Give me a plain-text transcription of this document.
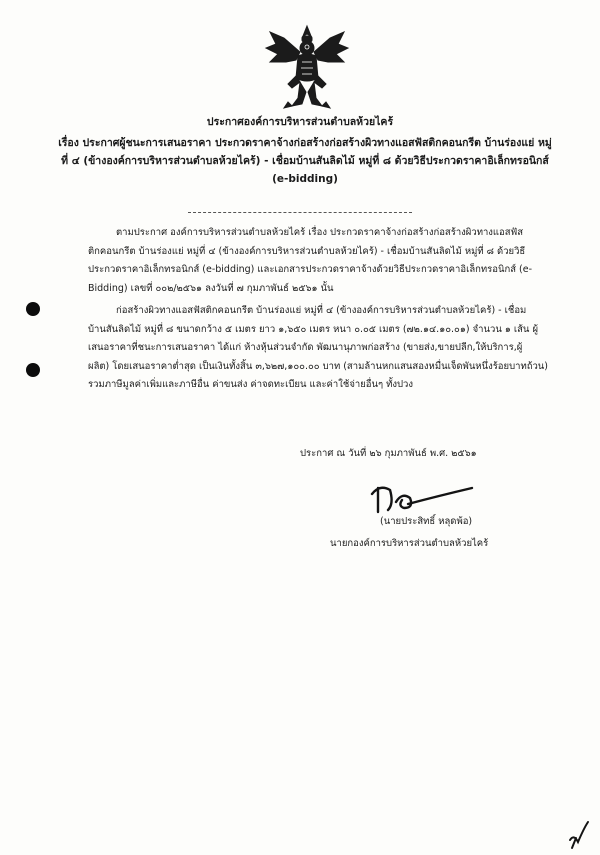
ประกาศองค์การบริหารส่วนตำบลห้วยไคร้
เรื่อง ประกาศผู้ชนะการเสนอราคา ประกวดราคาจ้างก่อสร้างก่อสร้างผิวทางแอสฟัสติกคอนกรีต บ้านร่องแย่ หมู่
ที่ ๔ (ข้างองค์การบริหารส่วนตำบลห้วยไคร้) - เชื่อมบ้านสันลิดไม้ หมู่ที่ ๘ ด้วยวิธีประกวดราคาอิเล็กทรอนิกส์
(e-bidding)
ตามประกาศ องค์การบริหารส่วนตำบลห้วยไคร้ เรื่อง ประกวดราคาจ้างก่อสร้างก่อสร้างผิวทางแอสฟัส
ติกคอนกรีต บ้านร่องแย่ หมู่ที่ ๔ (ข้างองค์การบริหารส่วนตำบลห้วยไคร้) - เชื่อมบ้านสันลิดไม้ หมู่ที่ ๘ ด้วยวิธี
ประกวดราคาอิเล็กทรอนิกส์ (e-bidding) และเอกสารประกวดราคาจ้างด้วยวิธีประกวดราคาอิเล็กทรอนิกส์ (e-
Bidding) เลขที่ ๐๐๒/๒๕๖๑ ลงวันที่ ๗ กุมภาพันธ์ ๒๕๖๑ นั้น
ก่อสร้างผิวทางแอสฟัสติกคอนกรีต บ้านร่องแย่ หมู่ที่ ๔ (ข้างองค์การบริหารส่วนตำบลห้วยไคร้) - เชื่อม
บ้านสันลิดไม้ หมู่ที่ ๘ ขนาดกว้าง ๕ เมตร ยาว ๑,๖๕๐ เมตร หนา ๐.๐๕ เมตร (๗๒.๑๔.๑๐.๐๑) จำนวน ๑ เส้น ผู้
เสนอราคาที่ชนะการเสนอราคา ได้แก่ ห้างหุ้นส่วนจำกัด พัฒนานุภาพก่อสร้าง (ขายส่ง,ขายปลีก,ให้บริการ,ผู้
ผลิต) โดยเสนอราคาต่ำสุด เป็นเงินทั้งสิ้น ๓,๖๒๗,๑๐๐.๐๐ บาท (สามล้านหกแสนสองหมื่นเจ็ดพันหนึ่งร้อยบาทถ้วน)
รวมภาษีมูลค่าเพิ่มและภาษีอื่น ค่าขนส่ง ค่าจดทะเบียน และค่าใช้จ่ายอื่นๆ ทั้งปวง
ประกาศ ณ วันที่ ๒๖ กุมภาพันธ์ พ.ศ. ๒๕๖๑
(นายประสิทธิ์ หลุดพ้อ)
นายกองค์การบริหารส่วนตำบลห้วยไคร้
